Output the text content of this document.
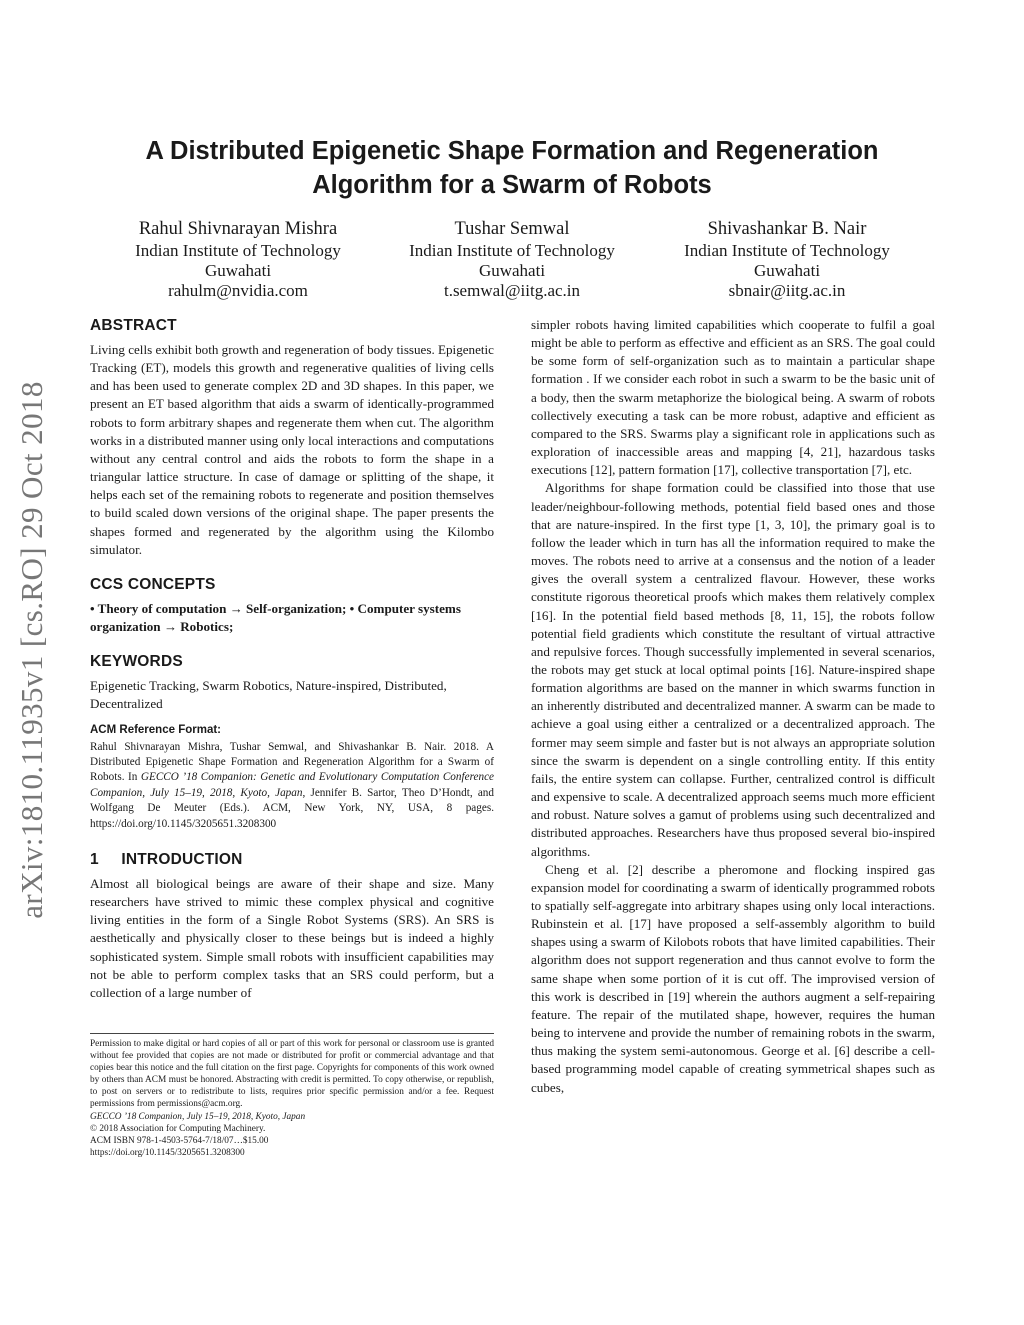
arXiv:1810.11935v1 [cs.RO] 29 Oct 2018
A Distributed Epigenetic Shape Formation and Regeneration
Algorithm for a Swarm of Robots
Rahul Shivnarayan Mishra
Indian Institute of Technology
Guwahati
rahulm@nvidia.com
Tushar Semwal
Indian Institute of Technology
Guwahati
t.semwal@iitg.ac.in
Shivashankar B. Nair
Indian Institute of Technology
Guwahati
sbnair@iitg.ac.in
ABSTRACT

Living cells exhibit both growth and regeneration of body tissues. Epigenetic Tracking (ET), models this growth and regenerative qualities of living cells and has been used to generate complex 2D and 3D shapes. In this paper, we present an ET based algorithm that aids a swarm of identically-programmed robots to form arbitrary shapes and regenerate them when cut. The algorithm works in a distributed manner using only local interactions and computations without any central control and aids the robots to form the shape in a triangular lattice structure. In case of damage or splitting of the shape, it helps each set of the remaining robots to regenerate and position themselves to build scaled down versions of the original shape. The paper presents the shapes formed and regenerated by the algorithm using the Kilombo simulator.

CCS CONCEPTS

• Theory of computation → Self-organization; • Computer systems organization → Robotics;

KEYWORDS

Epigenetic Tracking, Swarm Robotics, Nature-inspired, Distributed, Decentralized

ACM Reference Format:

Rahul Shivnarayan Mishra, Tushar Semwal, and Shivashankar B. Nair. 2018. A Distributed Epigenetic Shape Formation and Regeneration Algorithm for a Swarm of Robots. In GECCO ’18 Companion: Genetic and Evolutionary Computation Conference Companion, July 15–19, 2018, Kyoto, Japan, Jennifer B. Sartor, Theo D’Hondt, and Wolfgang De Meuter (Eds.). ACM, New York, NY, USA, 8 pages. https://doi.org/10.1145/3205651.3208300

1     INTRODUCTION

Almost all biological beings are aware of their shape and size. Many researchers have strived to mimic these complex physical and cognitive living entities in the form of a Single Robot Systems (SRS). An SRS is aesthetically and physically closer to these beings but is indeed a highly sophisticated system. Simple small robots with insufficient capabilities may not be able to perform complex tasks that an SRS could perform, but a collection of a large number of

Permission to make digital or hard copies of all or part of this work for personal or classroom use is granted without fee provided that copies are not made or distributed for profit or commercial advantage and that copies bear this notice and the full citation on the first page. Copyrights for components of this work owned by others than ACM must be honored. Abstracting with credit is permitted. To copy otherwise, or republish, to post on servers or to redistribute to lists, requires prior specific permission and/or a fee. Request permissions from permissions@acm.org.

GECCO ’18 Companion, July 15–19, 2018, Kyoto, Japan

© 2018 Association for Computing Machinery.

ACM ISBN 978-1-4503-5764-7/18/07…$15.00

https://doi.org/10.1145/3205651.3208300

simpler robots having limited capabilities which cooperate to fulfil a goal might be able to perform as effective and efficient as an SRS. The goal could be some form of self-organization such as to maintain a particular shape formation . If we consider each robot in such a swarm to be the basic unit of a body, then the swarm metaphorize the biological being. A swarm of robots collectively executing a task can be more robust, adaptive and efficient as compared to the SRS. Swarms play a significant role in applications such as exploration of inaccessible areas and mapping [4, 21], hazardous tasks executions [12], pattern formation [17], collective transportation [7], etc.

Algorithms for shape formation could be classified into those that use leader/neighbour-following methods, potential field based ones and those that are nature-inspired. In the first type [1, 3, 10], the primary goal is to follow the leader which in turn has all the information required to make the moves. The robots need to arrive at a consensus and the notion of a leader gives the overall system a centralized flavour. However, these works constitute rigorous theoretical proofs which makes them relatively complex [16]. In the potential field based methods [8, 11, 15], the robots follow potential field gradients which constitute the resultant of virtual attractive and repulsive forces. Though successfully implemented in several scenarios, the robots may get stuck at local optimal points [16]. Nature-inspired shape formation algorithms are based on the manner in which swarms function in an inherently distributed and decentralized manner. A swarm can be made to achieve a goal using either a centralized or a decentralized approach. The former may seem simple and faster but is not always an appropriate solution since the swarm is dependent on a single controlling entity. If this entity fails, the entire system can collapse. Further, centralized control is difficult and expensive to scale. A decentralized approach seems much more efficient and robust. Nature solves a gamut of problems using such decentralized and distributed approaches. Researchers have thus proposed several bio-inspired algorithms.

Cheng et al. [2] describe a pheromone and flocking inspired gas expansion model for coordinating a swarm of identically programmed robots to spatially self-aggregate into arbitrary shapes using only local interactions. Rubinstein et al. [17] have proposed a self-assembly algorithm to build shapes using a swarm of Kilobots robots that have limited capabilities. Their algorithm does not support regeneration and thus cannot evolve to form the same shape when some portion of it is cut off. The improvised version of this work is described in [19] wherein the authors augment a self-repairing feature. The repair of the mutilated shape, however, requires the human being to intervene and provide the number of remaining robots in the swarm, thus making the system semi-autonomous. George et al. [6] describe a cell-based programming model capable of creating symmetrical shapes such as cubes,
